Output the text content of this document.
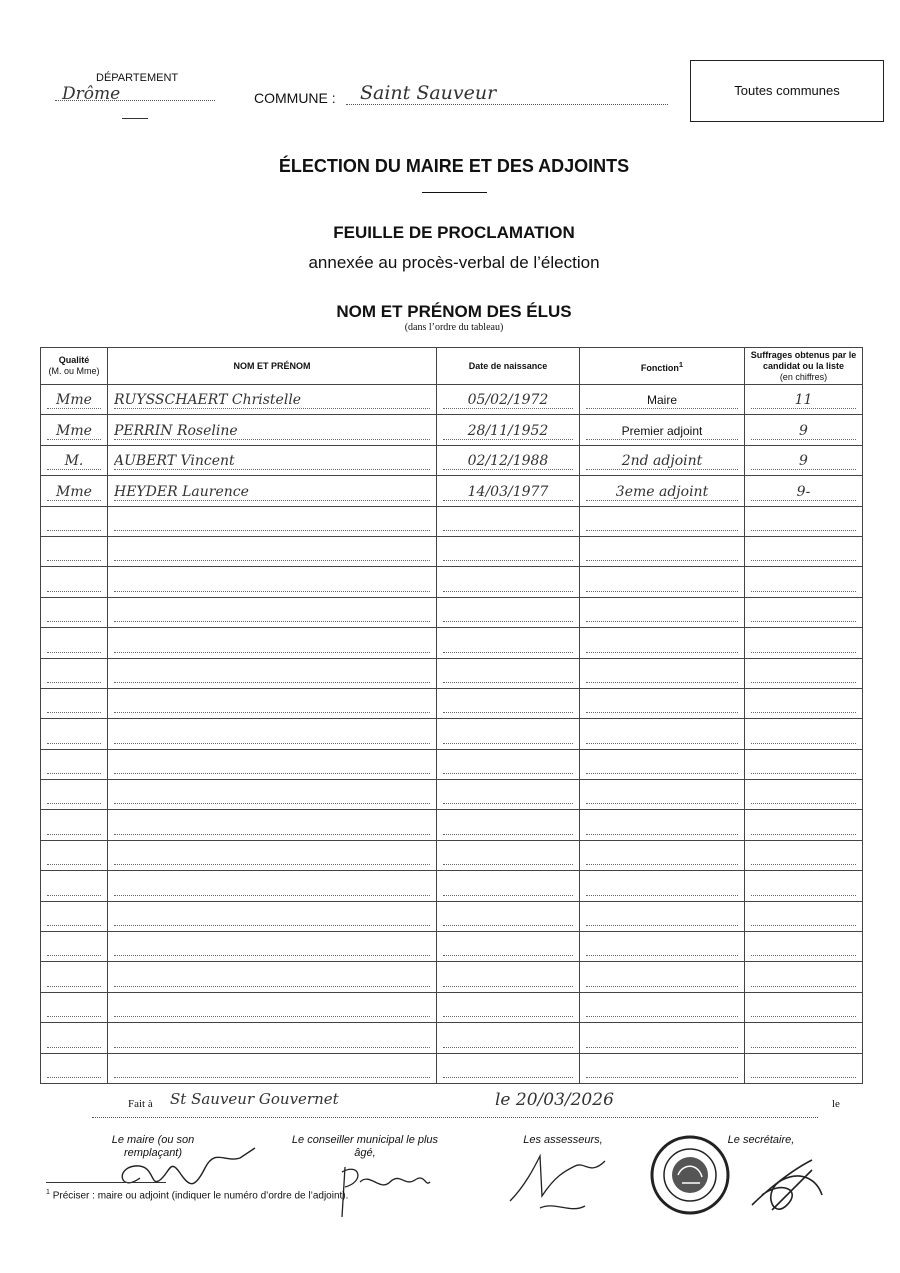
DÉPARTEMENT
Drôme	COMMUNE : Saint Sauveur	Toutes communes
ÉLECTION DU MAIRE ET DES ADJOINTS
FEUILLE DE PROCLAMATION
annexée au procès-verbal de l’élection
NOM ET PRÉNOM DES ÉLUS
(dans l’ordre du tableau)
Qualité
(M. ou Mme)	NOM ET PRÉNOM	Date de naissance	Fonction$^1$	Suffrages obtenus par le candidat ou la liste
(en chiffres)

Mme	RUYSSCHAERT Christelle	05/02/1972	Maire	11

Mme	PERRIN Roseline	28/11/1952	Premier adjoint	9

M.	AUBERT Vincent	02/12/1988	2nd adjoint	9

Mme	HEYDER Laurence	14/03/1977	3eme adjoint	9-

Fait à St Sauveur Gouvernet	le 20/03/2026	le
Le maire (ou son remplaçant)
Le conseiller municipal le plus âgé,
Les assesseurs,	Le secrétaire,
$^1$ Préciser : maire ou adjoint (indiquer le numéro d’ordre de l’adjoint).
